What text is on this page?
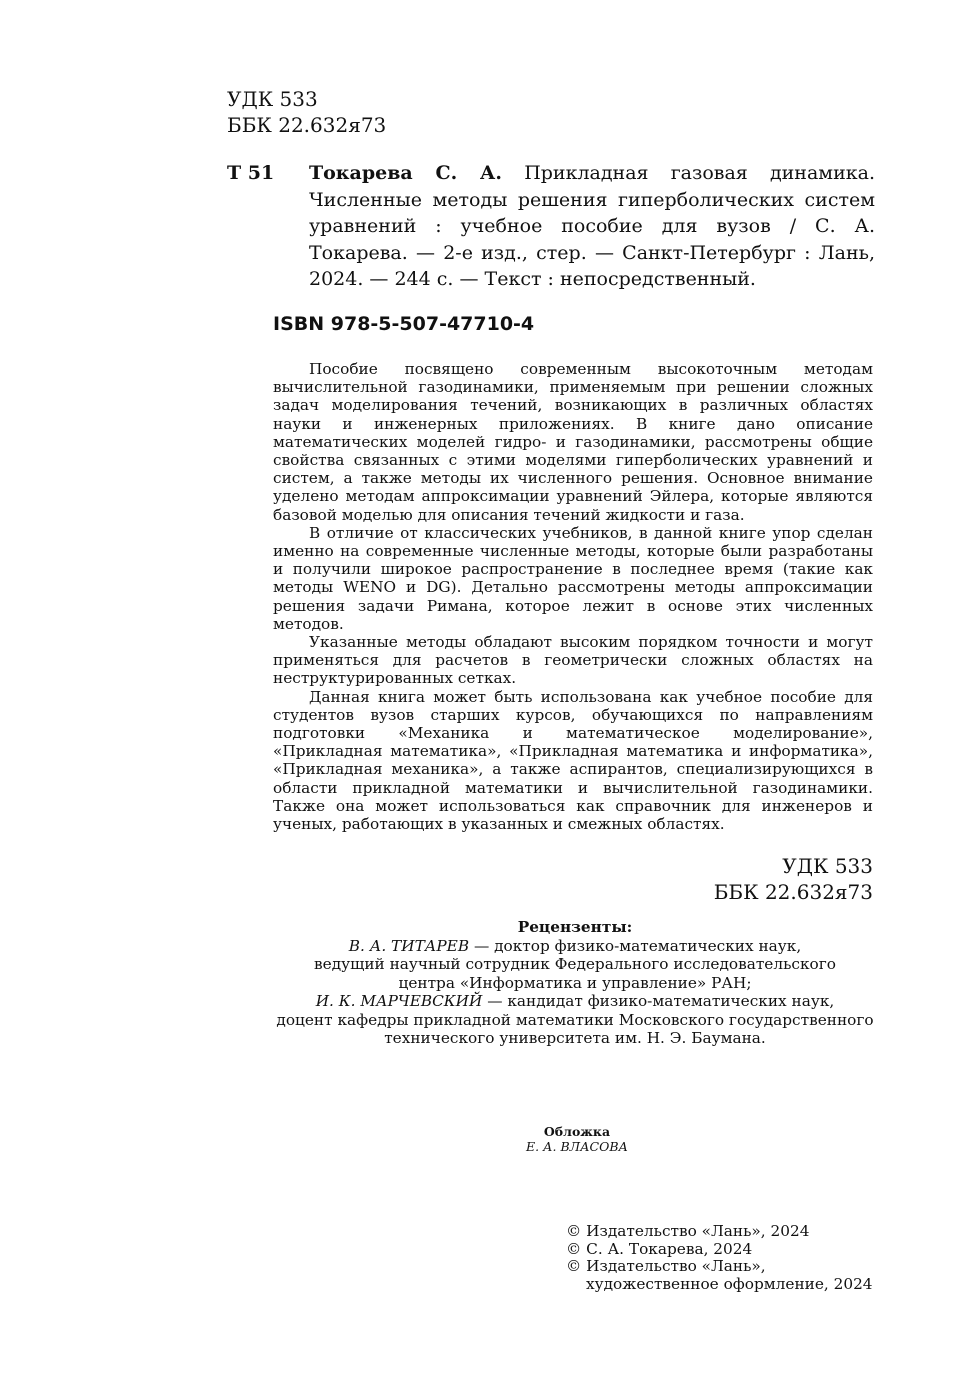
УДК 533
ББК 22.632я73
Т 51 Токарева С. А. Прикладная газовая динамика. Численные методы решения гиперболических систем уравнений : учебное пособие для вузов / С. А. Токарева. — 2-е изд., стер. — Санкт-Петербург : Лань, 2024. — 244 с. — Текст : непосредственный.
ISBN 978-5-507-47710-4

Пособие посвящено современным высокоточным методам вычислительной газодинамики, применяемым при решении сложных задач моделирования течений, возникающих в различных областях науки и инженерных приложениях. В книге дано описание математических моделей гидро- и газодинамики, рассмотрены общие свойства связанных с этими моделями гиперболических уравнений и систем, а также методы их численного решения. Основное внимание уделено методам аппроксимации уравнений Эйлера, которые являются базовой моделью для описания течений жидкости и газа.

В отличие от классических учебников, в данной книге упор сделан именно на современные численные методы, которые были разработаны и получили широкое распространение в последнее время (такие как методы WENO и DG). Детально рассмотрены методы аппроксимации решения задачи Римана, которое лежит в основе этих численных методов.

Указанные методы обладают высоким порядком точности и могут применяться для расчетов в геометрически сложных областях на неструктурированных сетках.

Данная книга может быть использована как учебное пособие для студентов вузов старших курсов, обучающихся по направлениям подготовки «Механика и математическое моделирование», «Прикладная математика», «Прикладная математика и информатика», «Прикладная механика», а также аспирантов, специализирующихся в области прикладной математики и вычислительной газодинамики. Также она может использоваться как справочник для инженеров и ученых, работающих в указанных и смежных областях.

УДК 533
ББК 22.632я73
Рецензенты:
В. А. ТИТАРЕВ — доктор физико-математических наук,
ведущий научный сотрудник Федерального исследовательского
центра «Информатика и управление» РАН;
И. К. МАРЧЕВСКИЙ — кандидат физико-математических наук,
доцент кафедры прикладной математики Московского государственного
технического университета им. Н. Э. Баумана.
Обложка
Е. А. ВЛАСОВА
© Издательство «Лань», 2024
© С. А. Токарева, 2024
© Издательство «Лань»,
художественное оформление, 2024
